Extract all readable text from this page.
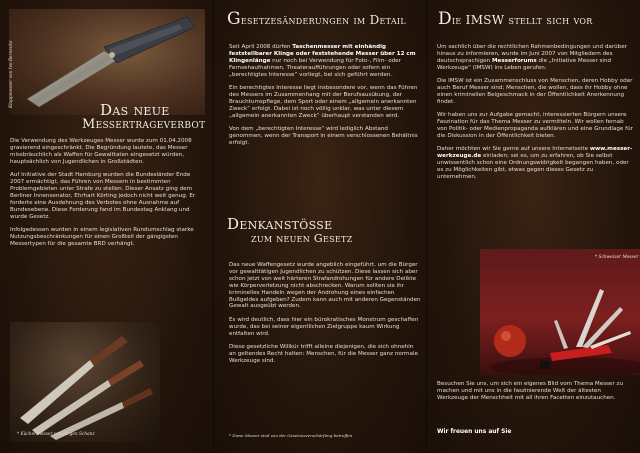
Klappmesser von Ivo Bernecke
Das neue
Messertrageverbot

Die Verwendung des Werkzeuges Messer wurde zum 01.04.2008 gravierend eingeschränkt. Die Begründung lautete, das Messer missbräuchlich als Waffen für Gewalttaten eingesetzt würden, hauptsächlich von Jugendlichen in Großstädten.

Auf Initiative der Stadt Hamburg wurden die Bundesländer Ende 2007 ermächtigt, das Führen von Messern in bestimmten Problemgebieten unter Strafe zu stellen. Dieser Ansatz ging dem Berliner Innensenator, Ehrhart Körting jedoch nicht weit genug. Er forderte eine Ausdehnung des Verbotes ohne Ausnahme auf Bundesebene. Diese Forderung fand im Bundestag Anklang und wurde Gesetz.

Infolgedessen wurden in einem legislativen Rundumschlag starke Nutzungsbeschränkungen für einen Großteil der gängigsten Messertypen für die gesamte BRD verhängt.

* Küchenmesser von Jürgen Schanz
Gesetzesänderungen im Detail

Seit April 2008 dürfen Taschenmesser mit einhändig feststellbarer Klinge oder feststehende Messer über 12 cm Klingenlänge nur noch bei Verwendung für Foto-, Film- oder Fernsehaufnahmen, Theateraufführungen oder sofern ein „berechtigtes Interesse“ vorliegt, bei sich geführt werden.

Ein berechtigtes Interesse liegt insbesondere vor, wenn das Führen des Messers im Zusammenhang mit der Berufsausübung, der Brauchtumspflege, dem Sport oder einem „allgemein anerkannten Zweck“ erfolgt. Dabei ist noch völlig unklar, was unter diesem „allgemein anerkannten Zweck“ überhaupt verstanden wird.

Von dem „berechtigten Interesse“ wird lediglich Abstand genommen, wenn der Transport in einem verschlossenen Behältnis erfolgt.

Denkanstösse
zum neuen Gesetz

Das neue Waffengesetz wurde angeblich eingeführt, um die Bürger vor gewalttätigen Jugendlichen zu schützen. Diese lassen sich aber schon jetzt von weit härteren Strafandrohungen für andere Delikte wie Körperverletzung nicht abschrecken. Warum sollten sie ihr kriminelles Handeln wegen der Androhung eines einfachen Bußgeldes aufgeben? Zudem kann auch mit anderen Gegenständen Gewalt ausgeübt werden.

Es wird deutlich, dass hier ein bürokratisches Monstrum geschaffen wurde, das bei seiner eigentlichen Zielgruppe kaum Wirkung entfalten wird.

Diese gesetzliche Willkür trifft alleine diejenigen, die sich ohnehin an geltendes Recht halten: Menschen, für die Messer ganz normale Werkzeuge sind.

* Diese Messer sind von der Gesetzesverschärfung betroffen
Die IMSW stellt sich vor

Um sachlich über die rechtlichen Rahmenbedingungen und darüber hinaus zu informieren, wurde im Juni 2007 von Mitgliedern des deutschsprachigen Messerforums die „Initiative Messer sind Werkzeuge“ (IMSW) ins Leben gerufen.

Die IMSW ist ein Zusammenschluss von Menschen, deren Hobby oder auch Beruf Messer sind; Menschen, die wollen, dass ihr Hobby ohne einen kriminellen Beigeschmack in der Öffentlichkeit Anerkennung findet.

Wir haben uns zur Aufgabe gemacht, interessierten Bürgern unsere Faszination für das Thema Messer zu vermitteln. Wir wollen fernab von Politik- oder Medienpropaganda aufklären und eine Grundlage für die Diskussion in der Öffentlichkeit bieten.

Daher möchten wir Sie gerne auf unsere Internetseite www.messer-werkzeuge.de einladen; sei es, um zu erfahren, ob Sie selbst unwissentlich schon eine Ordnungswidrigkeit begangen haben, oder es zu Möglichkeiten gibt, etwas gegen dieses Gesetz zu unternehmen.

* Schweizer Messer

Besuchen Sie uns, um sich ein eigenes Bild vom Thema Messer zu machen und mit uns in die faszinierende Welt der ältesten Werkzeuge der Menschheit mit all ihren Facetten einzutauchen.

Wir freuen uns auf Sie
